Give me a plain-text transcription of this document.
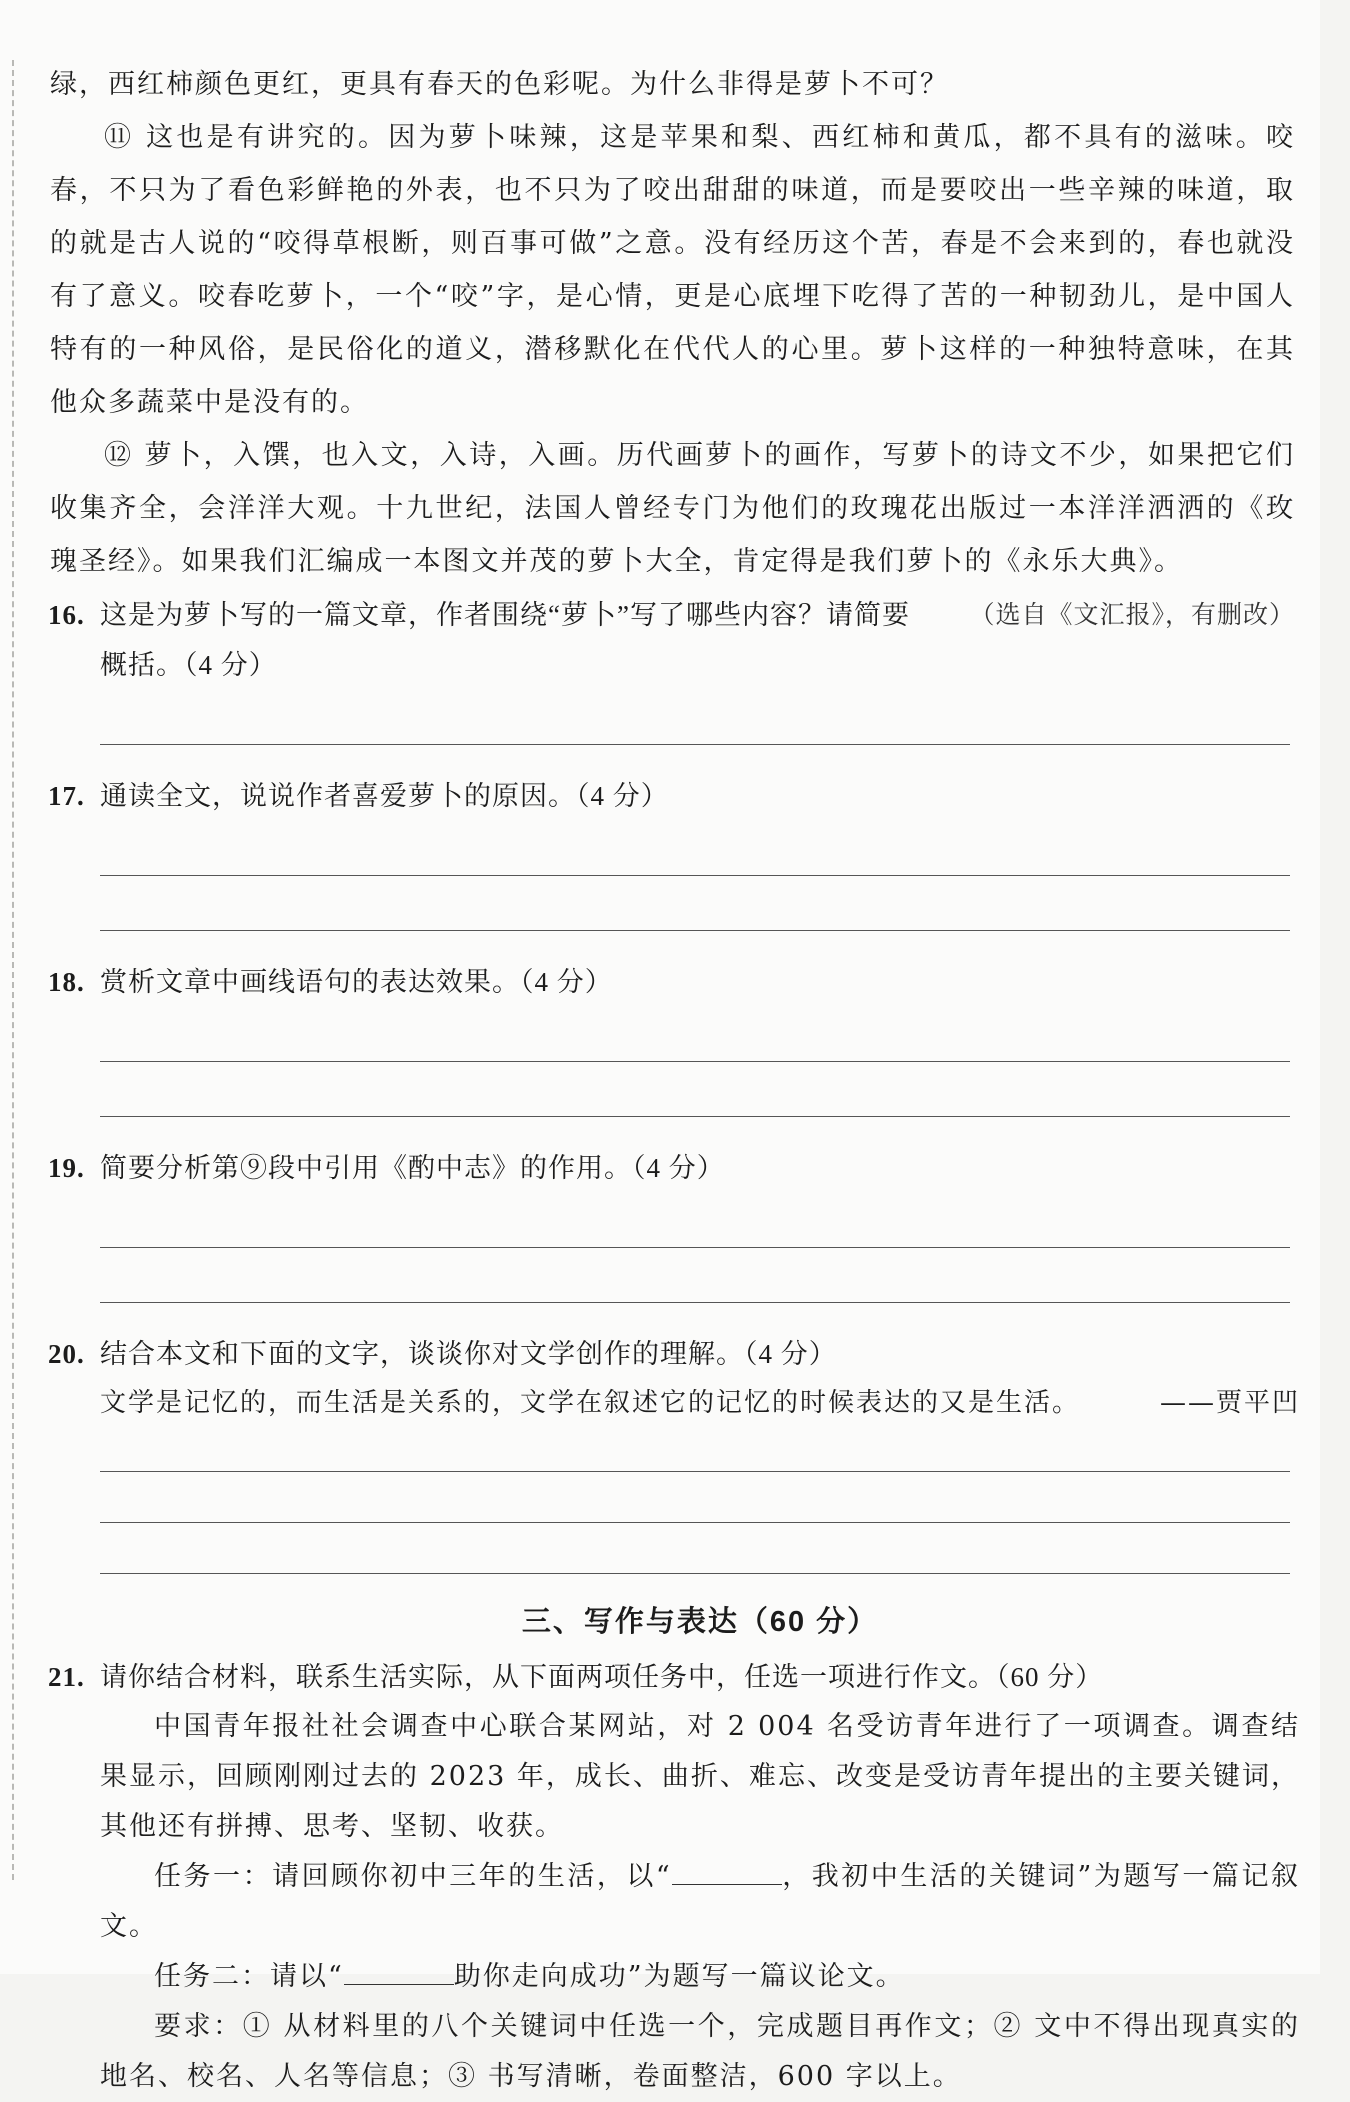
绿，西红柿颜色更红，更具有春天的色彩呢。为什么非得是萝卜不可？

⑪ 这也是有讲究的。因为萝卜味辣，这是苹果和梨、西红柿和黄瓜，都不具有的滋味。咬春，不只为了看色彩鲜艳的外表，也不只为了咬出甜甜的味道，而是要咬出一些辛辣的味道，取的就是古人说的“咬得草根断，则百事可做”之意。没有经历这个苦，春是不会来到的，春也就没有了意义。咬春吃萝卜，一个“咬”字，是心情，更是心底埋下吃得了苦的一种韧劲儿，是中国人特有的一种风俗，是民俗化的道义，潜移默化在代代人的心里。萝卜这样的一种独特意味，在其他众多蔬菜中是没有的。

⑫ 萝卜，入馔，也入文，入诗，入画。历代画萝卜的画作，写萝卜的诗文不少，如果把它们收集齐全，会洋洋大观。十九世纪，法国人曾经专门为他们的玫瑰花出版过一本洋洋洒洒的《玫瑰圣经》。如果我们汇编成一本图文并茂的萝卜大全，肯定得是我们萝卜的《永乐大典》。
（选自《文汇报》，有删改）

16. 这是为萝卜写的一篇文章，作者围绕“萝卜”写了哪些内容？请简要概括。（4 分）

17. 通读全文，说说作者喜爱萝卜的原因。（4 分）

18. 赏析文章中画线语句的表达效果。（4 分）

19. 简要分析第⑨段中引用《酌中志》的作用。（4 分）

20. 结合本文和下面的文字，谈谈你对文学创作的理解。（4 分）

文学是记忆的，而生活是关系的，文学在叙述它的记忆的时候表达的又是生活。	——贾平凹
三、写作与表达（60 分）

21. 请你结合材料，联系生活实际，从下面两项任务中，任选一项进行作文。（60 分）

中国青年报社社会调查中心联合某网站，对 2 004 名受访青年进行了一项调查。调查结果显示，回顾刚刚过去的 2023 年，成长、曲折、难忘、改变是受访青年提出的主要关键词，其他还有拼搏、思考、坚韧、收获。

任务一：请回顾你初中三年的生活，以“	，我初中生活的关键词”为题写一篇记叙文。

任务二：请以“	助你走向成功”为题写一篇议论文。

要求：① 从材料里的八个关键词中任选一个，完成题目再作文；② 文中不得出现真实的地名、校名、人名等信息；③ 书写清晰，卷面整洁，600 字以上。
